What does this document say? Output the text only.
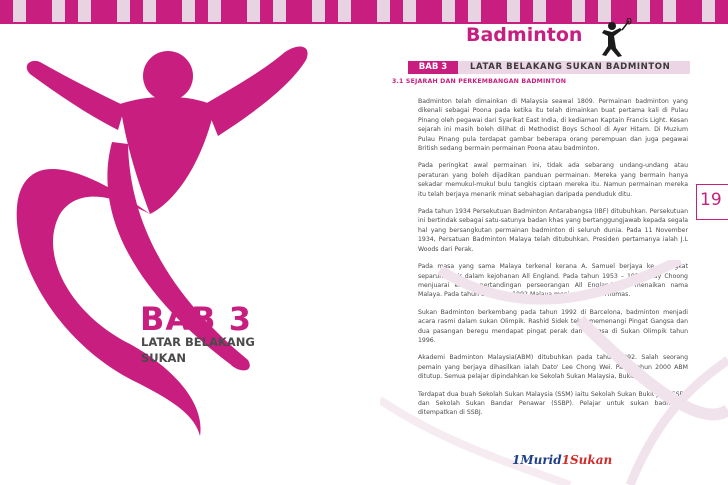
BAB 3
LATAR BELAKANG SUKAN
Badminton
BAB 3	LATAR BELAKANG SUKAN BADMINTON
3.1 SEJARAH DAN PERKEMBANGAN BADMINTON

Badminton telah dimainkan di Malaysia seawal 1809. Permainan badminton yang dikenali sebagai Poona pada ketika itu telah dimainkan buat pertama kali di Pulau Pinang oleh pegawai dari Syarikat East India, di kediaman Kaptain Francis Light. Kesan sejarah ini masih boleh dilihat di Methodist Boys School di Ayer Hitam. Di Muzium Pulau Pinang pula terdapat gambar beberapa orang perempuan dan juga pegawai British sedang bermain permainan Poona atau badminton.

Pada peringkat awal permainan ini, tidak ada sebarang undang-undang atau peraturan yang boleh dijadikan panduan permainan. Mereka yang bermain hanya sekadar memukul-mukul bulu tangkis ciptaan mereka itu. Namun permainan mereka itu telah berjaya menarik minat sebahagian daripada penduduk ditu.

Pada tahun 1934 Persekutuan Badminton Antarabangsa (IBF) ditubuhkan. Persekutuan ini bertindak sebagai satu-satunya badan khas yang bertanggungjawab kepada segala hal yang bersangkutan permainan badminton di seluruh dunia. Pada 11 November 1934, Persatuan Badminton Malaya telah ditubuhkan. Presiden pertamanya ialah J.L Woods dari Perak.

Pada masa yang sama Malaya terkenal kerana A. Samuel berjaya ke peringkat separuh akhir dalam kejohanan All England. Pada tahun 1953 – 1957 Eddy Choong menjuarai empat pertandingan perseorangan All England dan menaikan nama Malaya. Pada tahun 1949 dan 1992 Malaya menjuarai Piala Thomas.

Sukan Badminton berkembang pada tahun 1992 di Barcelona, badminton menjadi acara rasmi dalam sukan Olimpik. Rashid Sidek telah memenangi Pingat Gangsa dan dua pasangan beregu mendapat pingat perak dan gangsa di Sukan Olimpik tahun 1996.

Akademi Badminton Malaysia(ABM) ditubuhkan pada tahun 1992. Salah seorang pemain yang berjaya dihasilkan ialah Dato' Lee Chong Wei. Pada tahun 2000 ABM ditutup. Semua pelajar dipindahkan ke Sekolah Sukan Malaysia, Bukit Jalil.

Terdapat dua buah Sekolah Sukan Malaysia (SSM) iaitu Sekolah Sukan Bukit Jalil (SSBJ) dan Sekolah Sukan Bandar Penawar (SSBP). Pelajar untuk sukan badminton ditempatkan di SSBJ.

19
1Murid1Sukan
